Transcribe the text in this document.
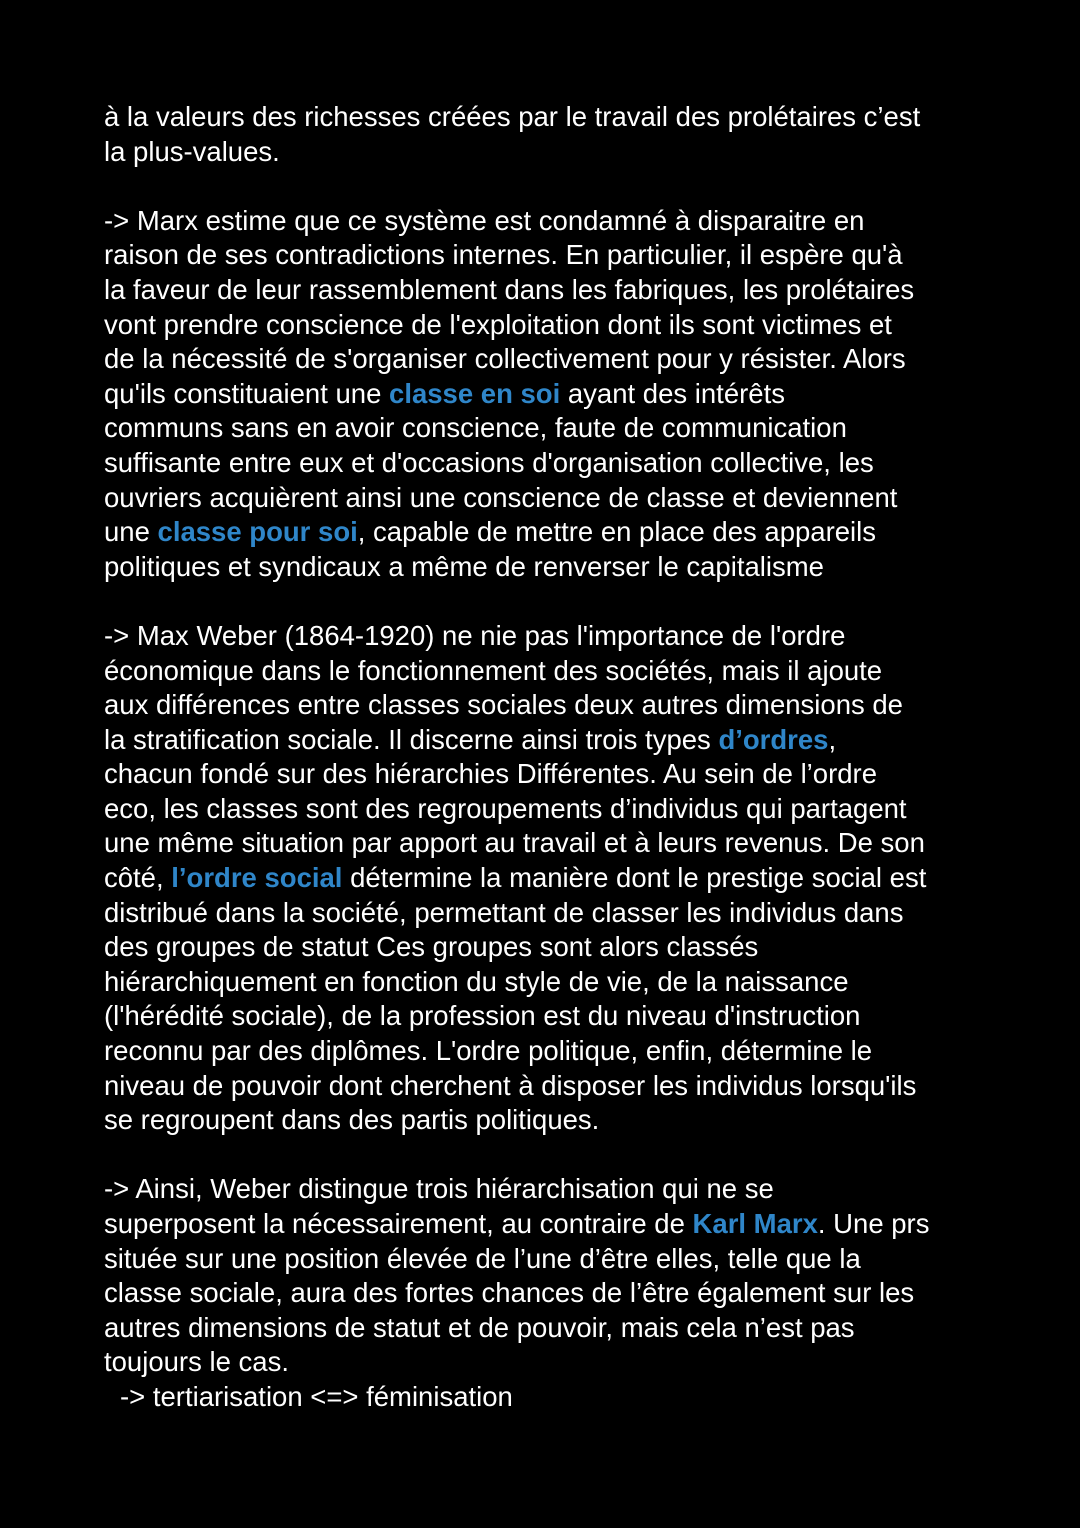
à la valeurs des richesses créées par le travail des prolétaires c’est
la plus-values.
-> Marx estime que ce système est condamné à disparaitre en
raison de ses contradictions internes. En particulier, il espère qu'à
la faveur de leur rassemblement dans les fabriques, les prolétaires
vont prendre conscience de l'exploitation dont ils sont victimes et
de la nécessité de s'organiser collectivement pour y résister. Alors
qu'ils constituaient une classe en soi ayant des intérêts
communs sans en avoir conscience, faute de communication
suffisante entre eux et d'occasions d'organisation collective, les
ouvriers acquièrent ainsi une conscience de classe et deviennent
une classe pour soi, capable de mettre en place des appareils
politiques et syndicaux a même de renverser le capitalisme
-> Max Weber (1864-1920) ne nie pas l'importance de l'ordre
économique dans le fonctionnement des sociétés, mais il ajoute
aux différences entre classes sociales deux autres dimensions de
la stratification sociale. Il discerne ainsi trois types d’ordres,
chacun fondé sur des hiérarchies Différentes. Au sein de l’ordre
eco, les classes sont des regroupements d’individus qui partagent
une même situation par apport au travail et à leurs revenus. De son
côté, l’ordre social détermine la manière dont le prestige social est
distribué dans la société, permettant de classer les individus dans
des groupes de statut Ces groupes sont alors classés
hiérarchiquement en fonction du style de vie, de la naissance
(l'hérédité sociale), de la profession est du niveau d'instruction
reconnu par des diplômes. L'ordre politique, enfin, détermine le
niveau de pouvoir dont cherchent à disposer les individus lorsqu'ils
se regroupent dans des partis politiques.
-> Ainsi, Weber distingue trois hiérarchisation qui ne se
superposent la nécessairement, au contraire de Karl Marx. Une prs
située sur une position élevée de l’une d’être elles, telle que la
classe sociale, aura des fortes chances de l’être également sur les
autres dimensions de statut et de pouvoir, mais cela n’est pas
toujours le cas.
-> tertiarisation <=> féminisation
